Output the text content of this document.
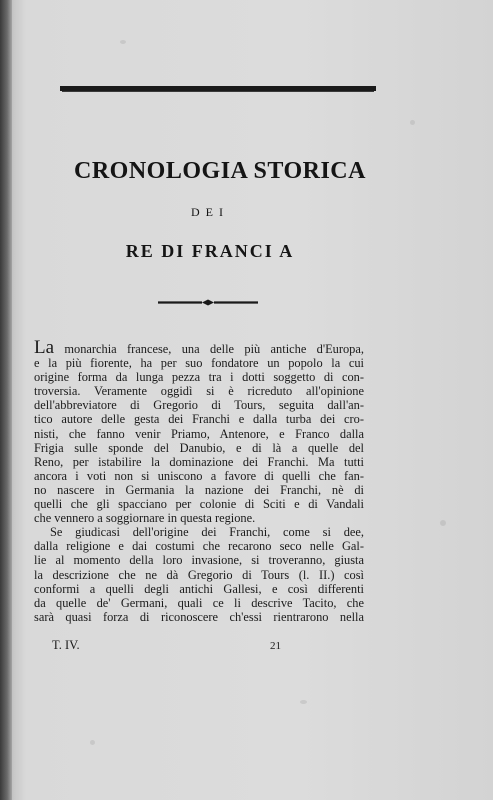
CRONOLOGIA STORICA
DEI
RE DI FRANCI A
La monarchia francese, una delle più antiche d'Europa,
e la più fiorente, ha per suo fondatore un popolo la cui
origine forma da lunga pezza tra i dotti soggetto di con-
troversia. Veramente oggidì si è ricreduto all'opinione
dell'abbreviatore di Gregorio di Tours, seguita dall'an-
tico autore delle gesta dei Franchi e dalla turba dei cro-
nisti, che fanno venir Priamo, Antenore, e Franco dalla
Frigia sulle sponde del Danubio, e di là a quelle del
Reno, per istabilire la dominazione dei Franchi. Ma tutti
ancora i voti non si uniscono a favore di quelli che fan-
no nascere in Germania la nazione dei Franchi, nè di
quelli che gli spacciano per colonie di Sciti e di Vandali
che vennero a soggiornare in questa regione.
Se giudicasi dell'origine dei Franchi, come si dee,
dalla religione e dai costumi che recarono seco nelle Gal-
lie al momento della loro invasione, si troveranno, giusta
la descrizione che ne dà Gregorio di Tours (l. II.) così
conformi a quelli degli antichi Gallesi, e così differenti
da quelle de' Germani, quali ce li descrive Tacito, che
sarà quasi forza di riconoscere ch'essi rientrarono nella
T. IV.	21
